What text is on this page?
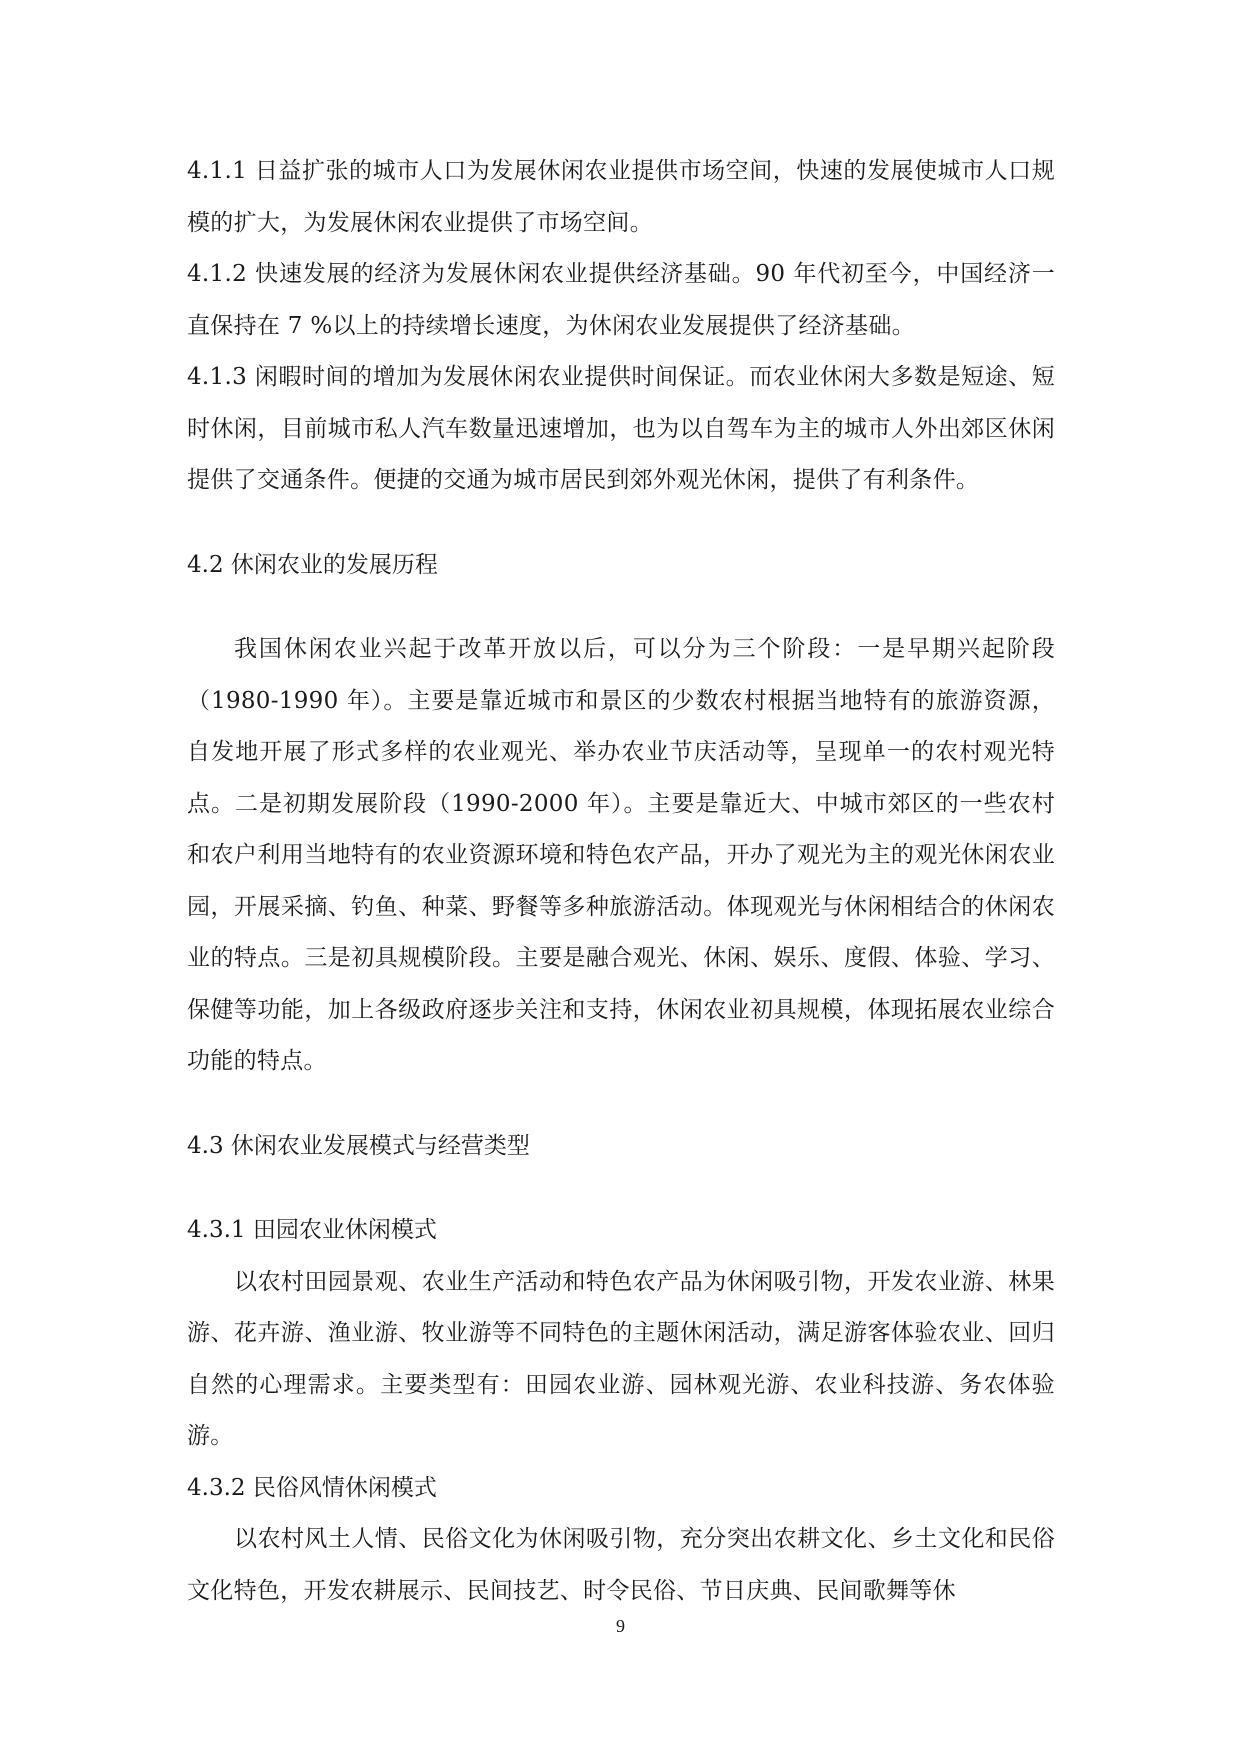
4.1.1 日益扩张的城市人口为发展休闲农业提供市场空间，快速的发展使城市人口规模的扩大，为发展休闲农业提供了市场空间。

4.1.2 快速发展的经济为发展休闲农业提供经济基础。90 年代初至今，中国经济一直保持在 7 %以上的持续增长速度，为休闲农业发展提供了经济基础。

4.1.3 闲暇时间的增加为发展休闲农业提供时间保证。而农业休闲大多数是短途、短时休闲，目前城市私人汽车数量迅速增加，也为以自驾车为主的城市人外出郊区休闲提供了交通条件。便捷的交通为城市居民到郊外观光休闲，提供了有利条件。

4.2 休闲农业的发展历程

我国休闲农业兴起于改革开放以后，可以分为三个阶段：一是早期兴起阶段（1980-1990 年）。主要是靠近城市和景区的少数农村根据当地特有的旅游资源，自发地开展了形式多样的农业观光、举办农业节庆活动等，呈现单一的农村观光特点。二是初期发展阶段（1990-2000 年）。主要是靠近大、中城市郊区的一些农村和农户利用当地特有的农业资源环境和特色农产品，开办了观光为主的观光休闲农业园，开展采摘、钓鱼、种菜、野餐等多种旅游活动。体现观光与休闲相结合的休闲农业的特点。三是初具规模阶段。主要是融合观光、休闲、娱乐、度假、体验、学习、保健等功能，加上各级政府逐步关注和支持，休闲农业初具规模，体现拓展农业综合功能的特点。

4.3 休闲农业发展模式与经营类型

4.3.1 田园农业休闲模式

以农村田园景观、农业生产活动和特色农产品为休闲吸引物，开发农业游、林果游、花卉游、渔业游、牧业游等不同特色的主题休闲活动，满足游客体验农业、回归自然的心理需求。主要类型有：田园农业游、园林观光游、农业科技游、务农体验游。

4.3.2 民俗风情休闲模式

以农村风土人情、民俗文化为休闲吸引物，充分突出农耕文化、乡土文化和民俗文化特色，开发农耕展示、民间技艺、时令民俗、节日庆典、民间歌舞等休

9
